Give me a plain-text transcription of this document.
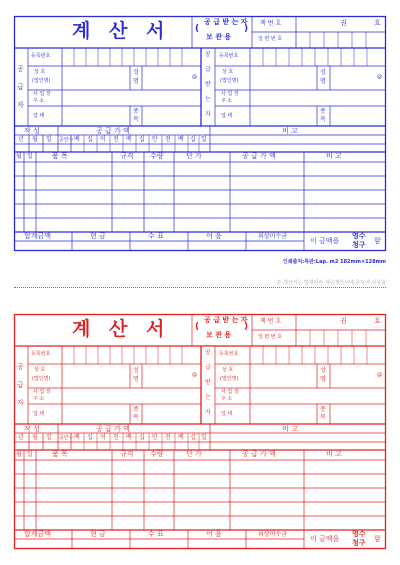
계 산 서	(
공 급 받 는 자
보 관 용
)
책 번 호	권	호
일 련 번 호
공
급
자
등록번호
상 호
(법인명)
성
명
@
사 업 장
주 소
업 태
종
목
공
급
받
는
자
등록번호
상 호
(법인명)
성
명
@
사 업 장
주 소
업 태
종
목
작 성	공 급 가 액	비 고
년 월 일 공란수 백 십 억 천 백 십 만 천 백 십 일
월 일	품 목	규격 수량	단 가	공 급 가 액	비 고
합계금액	현 금	수 표	어 음	외상미수금
이 금액을
영수
청구 함
인쇄출처:특판:Lap. m2 182mm×128mm
본 계산서는 법에따라 세금계산서에 준하여 사용함
계 산 서	(
공 급 받 는 자
보 관 용
)
책 번 호	권	호
일 련 번 호
공
급
자
등록번호
상 호
(법인명)
성
명
@
사 업 장
주 소
업 태
종
목
공
급
받
는
자
등록번호
상 호
(법인명)
성
명
@
사 업 장
주 소
업 태
종
목
작 성	공 급 가 액	비 고
년 월 일 공란수 백 십 억 천 백 십 만 천 백 십 일
월 일	품 목	규격 수량	단 가	공 급 가 액	비 고
합계금액	현 금	수 표	어 음	외상미수금
이 금액을
영수
청구 함
